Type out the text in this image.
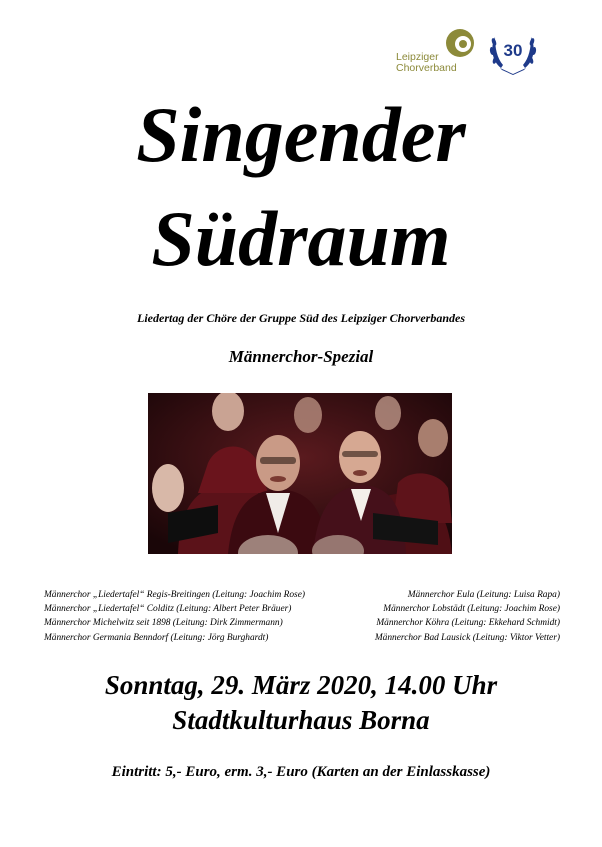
Leipziger
Chorverband
30
Singender
Südraum
Liedertag der Chöre der Gruppe Süd des Leipziger Chorverbandes
Männerchor-Spezial
Männerchor „Liedertafel“ Regis-Breitingen (Leitung: Joachim Rose)	Männerchor Eula (Leitung: Luisa Rapa)
Männerchor „Liedertafel“ Colditz (Leitung: Albert Peter Bräuer)	Männerchor Lobstädt (Leitung: Joachim Rose)
Männerchor Michelwitz seit 1898 (Leitung: Dirk Zimmermann)	Männerchor Köhra (Leitung: Ekkehard Schmidt)
Männerchor Germania Benndorf (Leitung: Jörg Burghardt)	Männerchor Bad Lausick (Leitung: Viktor Vetter)
Sonntag, 29. März 2020, 14.00 Uhr
Stadtkulturhaus Borna
Eintritt: 5,- Euro, erm. 3,- Euro (Karten an der Einlasskasse)
